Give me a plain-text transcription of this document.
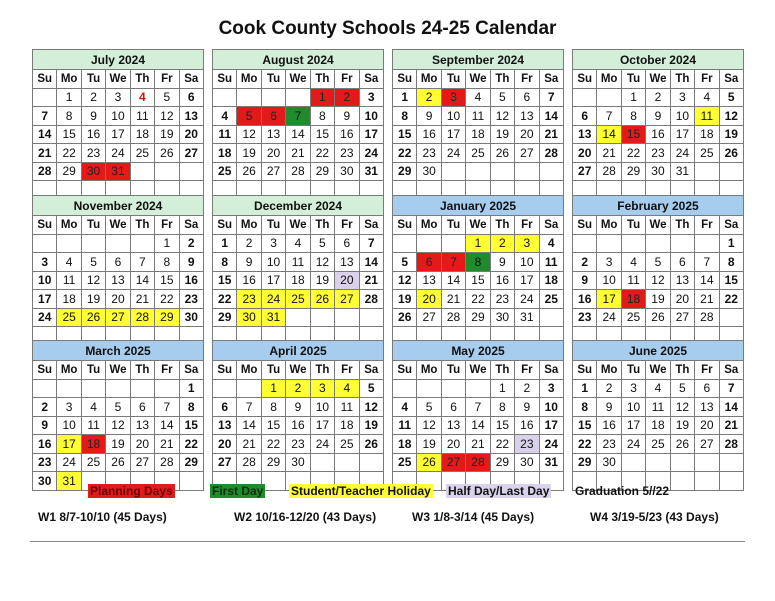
Cook County Schools 24-25 Calendar
July 2024						
Su	Mo	Tu	We	Th	Fr	Sa
	1	2	3	4	5	6
7	8	9	10	11	12	13
14	15	16	17	18	19	20
21	22	23	24	25	26	27
28	29	30	31			

August 2024						
Su	Mo	Tu	We	Th	Fr	Sa
				1	2	3
4	5	6	7	8	9	10
11	12	13	14	15	16	17
18	19	20	21	22	23	24
25	26	27	28	29	30	31

September 2024						
Su	Mo	Tu	We	Th	Fr	Sa
1	2	3	4	5	6	7
8	9	10	11	12	13	14
15	16	17	18	19	20	21
22	23	24	25	26	27	28
29	30					

October 2024						
Su	Mo	Tu	We	Th	Fr	Sa
		1	2	3	4	5
6	7	8	9	10	11	12
13	14	15	16	17	18	19
20	21	22	23	24	25	26
27	28	29	30	31		

November 2024						
Su	Mo	Tu	We	Th	Fr	Sa
					1	2
3	4	5	6	7	8	9
10	11	12	13	14	15	16
17	18	19	20	21	22	23
24	25	26	27	28	29	30

December 2024						
Su	Mo	Tu	We	Th	Fr	Sa
1	2	3	4	5	6	7
8	9	10	11	12	13	14
15	16	17	18	19	20	21
22	23	24	25	26	27	28
29	30	31				

January 2025						
Su	Mo	Tu	We	Th	Fr	Sa
			1	2	3	4
5	6	7	8	9	10	11
12	13	14	15	16	17	18
19	20	21	22	23	24	25
26	27	28	29	30	31	

February 2025						
Su	Mo	Tu	We	Th	Fr	Sa
						1
2	3	4	5	6	7	8
9	10	11	12	13	14	15
16	17	18	19	20	21	22
23	24	25	26	27	28	

March 2025						
Su	Mo	Tu	We	Th	Fr	Sa
						1
2	3	4	5	6	7	8
9	10	11	12	13	14	15
16	17	18	19	20	21	22
23	24	25	26	27	28	29
30	31					
April 2025						
Su	Mo	Tu	We	Th	Fr	Sa
		1	2	3	4	5
6	7	8	9	10	11	12
13	14	15	16	17	18	19
20	21	22	23	24	25	26
27	28	29	30			

May 2025						
Su	Mo	Tu	We	Th	Fr	Sa
				1	2	3
4	5	6	7	8	9	10
11	12	13	14	15	16	17
18	19	20	21	22	23	24
25	26	27	28	29	30	31

June 2025						
Su	Mo	Tu	We	Th	Fr	Sa
1	2	3	4	5	6	7
8	9	10	11	12	13	14
15	16	17	18	19	20	21
22	23	24	25	26	27	28
29	30					

Planning Days	First Day Student/Teacher Holiday Half Day/Last Day Graduation 5//22
W1 8/7-10/10 (45 Days)	W2 10/16-12/20 (43 Days)	W3 1/8-3/14 (45 Days)	W4 3/19-5/23 (43 Days)
